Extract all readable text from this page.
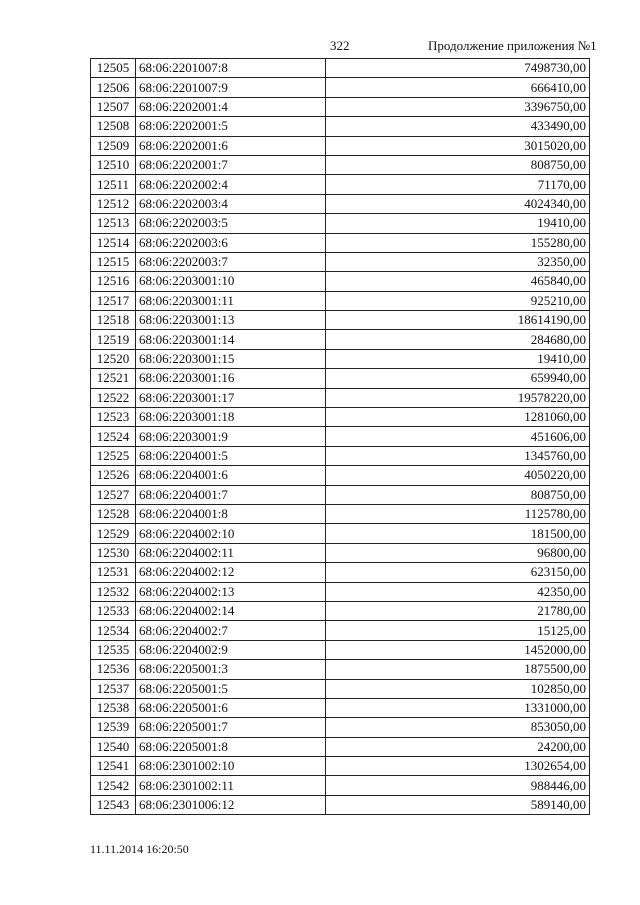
322	Продолжение приложения №1
12505	68:06:2201007:8	7498730,00
12506	68:06:2201007:9	666410,00
12507	68:06:2202001:4	3396750,00
12508	68:06:2202001:5	433490,00
12509	68:06:2202001:6	3015020,00
12510	68:06:2202001:7	808750,00
12511	68:06:2202002:4	71170,00
12512	68:06:2202003:4	4024340,00
12513	68:06:2202003:5	19410,00
12514	68:06:2202003:6	155280,00
12515	68:06:2202003:7	32350,00
12516	68:06:2203001:10	465840,00
12517	68:06:2203001:11	925210,00
12518	68:06:2203001:13	18614190,00
12519	68:06:2203001:14	284680,00
12520	68:06:2203001:15	19410,00
12521	68:06:2203001:16	659940,00
12522	68:06:2203001:17	19578220,00
12523	68:06:2203001:18	1281060,00
12524	68:06:2203001:9	451606,00
12525	68:06:2204001:5	1345760,00
12526	68:06:2204001:6	4050220,00
12527	68:06:2204001:7	808750,00
12528	68:06:2204001:8	1125780,00
12529	68:06:2204002:10	181500,00
12530	68:06:2204002:11	96800,00
12531	68:06:2204002:12	623150,00
12532	68:06:2204002:13	42350,00
12533	68:06:2204002:14	21780,00
12534	68:06:2204002:7	15125,00
12535	68:06:2204002:9	1452000,00
12536	68:06:2205001:3	1875500,00
12537	68:06:2205001:5	102850,00
12538	68:06:2205001:6	1331000,00
12539	68:06:2205001:7	853050,00
12540	68:06:2205001:8	24200,00
12541	68:06:2301002:10	1302654,00
12542	68:06:2301002:11	988446,00
12543	68:06:2301006:12	589140,00
11.11.2014 16:20:50
